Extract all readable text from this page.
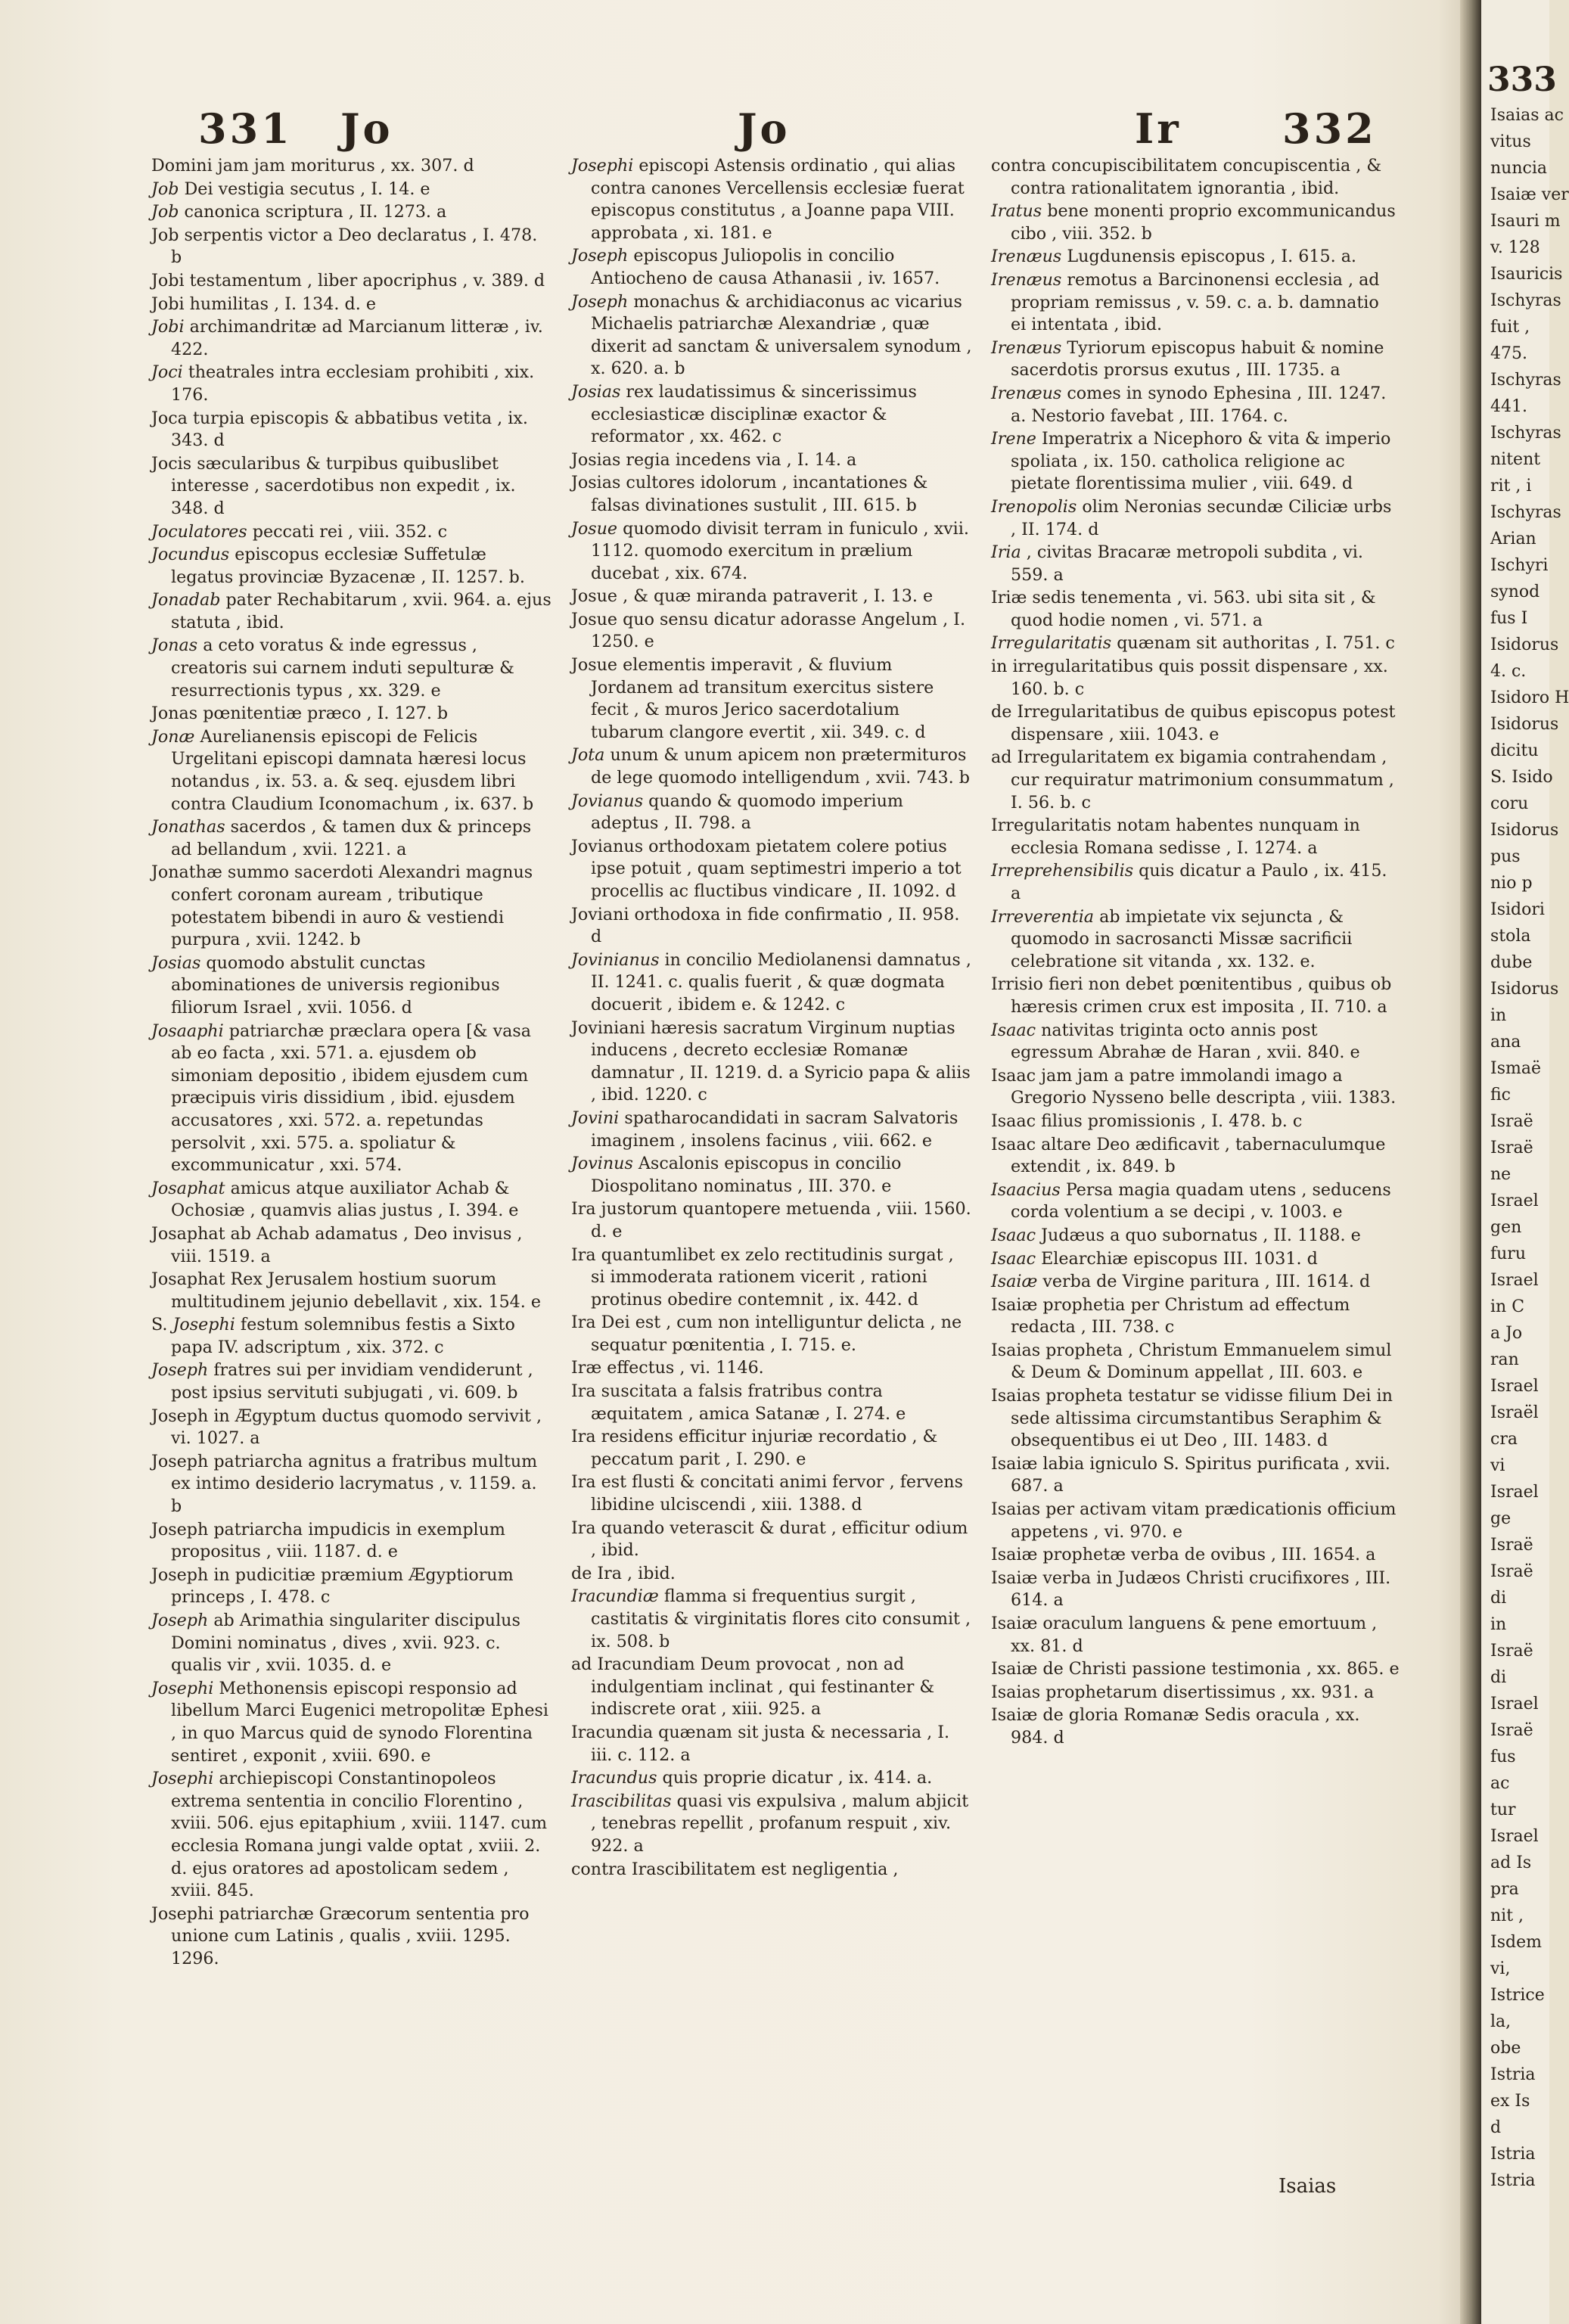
331 Jo	Jo	Ir 332
Domini jam jam moriturus , xx. 307. d
Job Dei vestigia secutus , I. 14. e
Job canonica scriptura , II. 1273. a
Job serpentis victor a Deo declaratus , I. 478. b
Jobi testamentum , liber apocriphus , v. 389. d
Jobi humilitas , I. 134. d. e
Jobi archimandritæ ad Marcianum litteræ , iv. 422.
Joci theatrales intra ecclesiam prohibiti , xix. 176.
Joca turpia episcopis & abbatibus vetita , ix. 343. d
Jocis sæcularibus & turpibus quibuslibet interesse , sacerdotibus non expedit , ix. 348. d
Joculatores peccati rei , viii. 352. c
Jocundus episcopus ecclesiæ Suffetulæ legatus provinciæ Byzacenæ , II. 1257. b.
Jonadab pater Rechabitarum , xvii. 964. a. ejus statuta , ibid.
Jonas a ceto voratus & inde egressus , creatoris sui carnem induti sepulturæ & resurrectionis typus , xx. 329. e
Jonas pœnitentiæ præco , I. 127. b
Jonæ Aurelianensis episcopi de Felicis Urgelitani episcopi damnata hæresi locus notandus , ix. 53. a. & seq. ejusdem libri contra Claudium Iconomachum , ix. 637. b
Jonathas sacerdos , & tamen dux & princeps ad bellandum , xvii. 1221. a
Jonathæ summo sacerdoti Alexandri magnus confert coronam auream , tributique potestatem bibendi in auro & vestiendi purpura , xvii. 1242. b
Josias quomodo abstulit cunctas abominationes de universis regionibus filiorum Israel , xvii. 1056. d
Josaaphi patriarchæ præclara opera [& vasa ab eo facta , xxi. 571. a. ejusdem ob simoniam depositio , ibidem ejusdem cum præcipuis viris dissidium , ibid. ejusdem accusatores , xxi. 572. a. repetundas persolvit , xxi. 575. a. spoliatur & excommunicatur , xxi. 574.
Josaphat amicus atque auxiliator Achab & Ochosiæ , quamvis alias justus , I. 394. e
Josaphat ab Achab adamatus , Deo invisus , viii. 1519. a
Josaphat Rex Jerusalem hostium suorum multitudinem jejunio debellavit , xix. 154. e
S. Josephi festum solemnibus festis a Sixto papa IV. adscriptum , xix. 372. c
Joseph fratres sui per invidiam vendiderunt , post ipsius servituti subjugati , vi. 609. b
Joseph in Ægyptum ductus quomodo servivit , vi. 1027. a
Joseph patriarcha agnitus a fratribus multum ex intimo desiderio lacrymatus , v. 1159. a. b
Joseph patriarcha impudicis in exemplum propositus , viii. 1187. d. e
Joseph in pudicitiæ præmium Ægyptiorum princeps , I. 478. c
Joseph ab Arimathia singulariter discipulus Domini nominatus , dives , xvii. 923. c. qualis vir , xvii. 1035. d. e
Josephi Methonensis episcopi responsio ad libellum Marci Eugenici metropolitæ Ephesi , in quo Marcus quid de synodo Florentina sentiret , exponit , xviii. 690. e
Josephi archiepiscopi Constantinopoleos extrema sententia in concilio Florentino , xviii. 506. ejus epitaphium , xviii. 1147. cum ecclesia Romana jungi valde optat , xviii. 2. d. ejus oratores ad apostolicam sedem , xviii. 845.
Josephi patriarchæ Græcorum sententia pro unione cum Latinis , qualis , xviii. 1295. 1296.
Josephi episcopi Astensis ordinatio , qui alias contra canones Vercellensis ecclesiæ fuerat episcopus constitutus , a Joanne papa VIII. approbata , xi. 181. e
Joseph episcopus Juliopolis in concilio Antiocheno de causa Athanasii , iv. 1657.
Joseph monachus & archidiaconus ac vicarius Michaelis patriarchæ Alexandriæ , quæ dixerit ad sanctam & universalem synodum , x. 620. a. b
Josias rex laudatissimus & sincerissimus ecclesiasticæ disciplinæ exactor & reformator , xx. 462. c
Josias regia incedens via , I. 14. a
Josias cultores idolorum , incantationes & falsas divinationes sustulit , III. 615. b
Josue quomodo divisit terram in funiculo , xvii. 1112. quomodo exercitum in prælium ducebat , xix. 674.
Josue , & quæ miranda patraverit , I. 13. e
Josue quo sensu dicatur adorasse Angelum , I. 1250. e
Josue elementis imperavit , & fluvium Jordanem ad transitum exercitus sistere fecit , & muros Jerico sacerdotalium tubarum clangore evertit , xii. 349. c. d
Jota unum & unum apicem non prætermituros de lege quomodo intelligendum , xvii. 743. b
Jovianus quando & quomodo imperium adeptus , II. 798. a
Jovianus orthodoxam pietatem colere potius ipse potuit , quam septimestri imperio a tot procellis ac fluctibus vindicare , II. 1092. d
Joviani orthodoxa in fide confirmatio , II. 958. d
Jovinianus in concilio Mediolanensi damnatus , II. 1241. c. qualis fuerit , & quæ dogmata docuerit , ibidem e. & 1242. c
Joviniani hæresis sacratum Virginum nuptias inducens , decreto ecclesiæ Romanæ damnatur , II. 1219. d. a Syricio papa & aliis , ibid. 1220. c
Jovini spatharocandidati in sacram Salvatoris imaginem , insolens facinus , viii. 662. e
Jovinus Ascalonis episcopus in concilio Diospolitano nominatus , III. 370. e
Ira justorum quantopere metuenda , viii. 1560. d. e
Ira quantumlibet ex zelo rectitudinis surgat , si immoderata rationem vicerit , rationi protinus obedire contemnit , ix. 442. d
Ira Dei est , cum non intelliguntur delicta , ne sequatur pœnitentia , I. 715. e.
Iræ effectus , vi. 1146.
Ira suscitata a falsis fratribus contra æquitatem , amica Satanæ , I. 274. e
Ira residens efficitur injuriæ recordatio , & peccatum parit , I. 290. e
Ira est flusti & concitati animi fervor , fervens libidine ulciscendi , xiii. 1388. d
Ira quando veterascit & durat , efficitur odium , ibid.
de Ira , ibid.
Iracundiæ flamma si frequentius surgit , castitatis & virginitatis flores cito consumit , ix. 508. b
ad Iracundiam Deum provocat , non ad indulgentiam inclinat , qui festinanter & indiscrete orat , xiii. 925. a
Iracundia quænam sit justa & necessaria , I. iii. c. 112. a
Iracundus quis proprie dicatur , ix. 414. a.
Irascibilitas quasi vis expulsiva , malum abjicit , tenebras repellit , profanum respuit , xiv. 922. a
contra Irascibilitatem est negligentia ,
contra concupiscibilitatem concupiscentia , & contra rationalitatem ignorantia , ibid.
Iratus bene monenti proprio excommunicandus cibo , viii. 352. b
Irenæus Lugdunensis episcopus , I. 615. a.
Irenæus remotus a Barcinonensi ecclesia , ad propriam remissus , v. 59. c. a. b. damnatio ei intentata , ibid.
Irenæus Tyriorum episcopus habuit & nomine sacerdotis prorsus exutus , III. 1735. a
Irenæus comes in synodo Ephesina , III. 1247. a. Nestorio favebat , III. 1764. c.
Irene Imperatrix a Nicephoro & vita & imperio spoliata , ix. 150. catholica religione ac pietate florentissima mulier , viii. 649. d
Irenopolis olim Neronias secundæ Ciliciæ urbs , II. 174. d
Iria , civitas Bracaræ metropoli subdita , vi. 559. a
Iriæ sedis tenementa , vi. 563. ubi sita sit , & quod hodie nomen , vi. 571. a
Irregularitatis quænam sit authoritas , I. 751. c
in irregularitatibus quis possit dispensare , xx. 160. b. c
de Irregularitatibus de quibus episcopus potest dispensare , xiii. 1043. e
ad Irregularitatem ex bigamia contrahendam , cur requiratur matrimonium consummatum , I. 56. b. c
Irregularitatis notam habentes nunquam in ecclesia Romana sedisse , I. 1274. a
Irreprehensibilis quis dicatur a Paulo , ix. 415. a
Irreverentia ab impietate vix sejuncta , & quomodo in sacrosancti Missæ sacrificii celebratione sit vitanda , xx. 132. e.
Irrisio fieri non debet pœnitentibus , quibus ob hæresis crimen crux est imposita , II. 710. a
Isaac nativitas triginta octo annis post egressum Abrahæ de Haran , xvii. 840. e
Isaac jam jam a patre immolandi imago a Gregorio Nysseno belle descripta , viii. 1383.
Isaac filius promissionis , I. 478. b. c
Isaac altare Deo ædificavit , tabernaculumque extendit , ix. 849. b
Isaacius Persa magia quadam utens , seducens corda volentium a se decipi , v. 1003. e
Isaac Judæus a quo subornatus , II. 1188. e
Isaac Elearchiæ episcopus III. 1031. d
Isaiæ verba de Virgine paritura , III. 1614. d
Isaiæ prophetia per Christum ad effectum redacta , III. 738. c
Isaias propheta , Christum Emmanuelem simul & Deum & Dominum appellat , III. 603. e
Isaias propheta testatur se vidisse filium Dei in sede altissima circumstantibus Seraphim & obsequentibus ei ut Deo , III. 1483. d
Isaiæ labia igniculo S. Spiritus purificata , xvii. 687. a
Isaias per activam vitam prædicationis officium appetens , vi. 970. e
Isaiæ prophetæ verba de ovibus , III. 1654. a
Isaiæ verba in Judæos Christi crucifixores , III. 614. a
Isaiæ oraculum languens & pene emortuum , xx. 81. d
Isaiæ de Christi passione testimonia , xx. 865. e
Isaias prophetarum disertissimus , xx. 931. a
Isaiæ de gloria Romanæ Sedis oracula , xx. 984. d
Isaias
333
Isaias ac
vitus
nuncia
Isaiæ ver
Isauri m
v. 128
Isauricis
Ischyras
fuit ,
475.
Ischyras
441.
Ischyras
nitent
rit , i
Ischyras
Arian
Ischyri
synod
fus I
Isidorus
4. c.
Isidoro H
Isidorus
dicitu
S. Isido
coru
Isidorus
pus
nio p
Isidori
stola
dube
Isidorus
in
ana
Ismaë
fic
Israë
Israë
ne
Israel
gen
furu
Israel
in C
a Jo
ran
Israel
Israël
cra
vi
Israel
ge
Israë
Israë
di
in
Israë
di
Israel
Israë
fus
ac
tur
Israel
ad Is
pra
nit ,
Isdem
vi,
Istrice
la,
obe
Istria
ex Is
d
Istria
Istria
